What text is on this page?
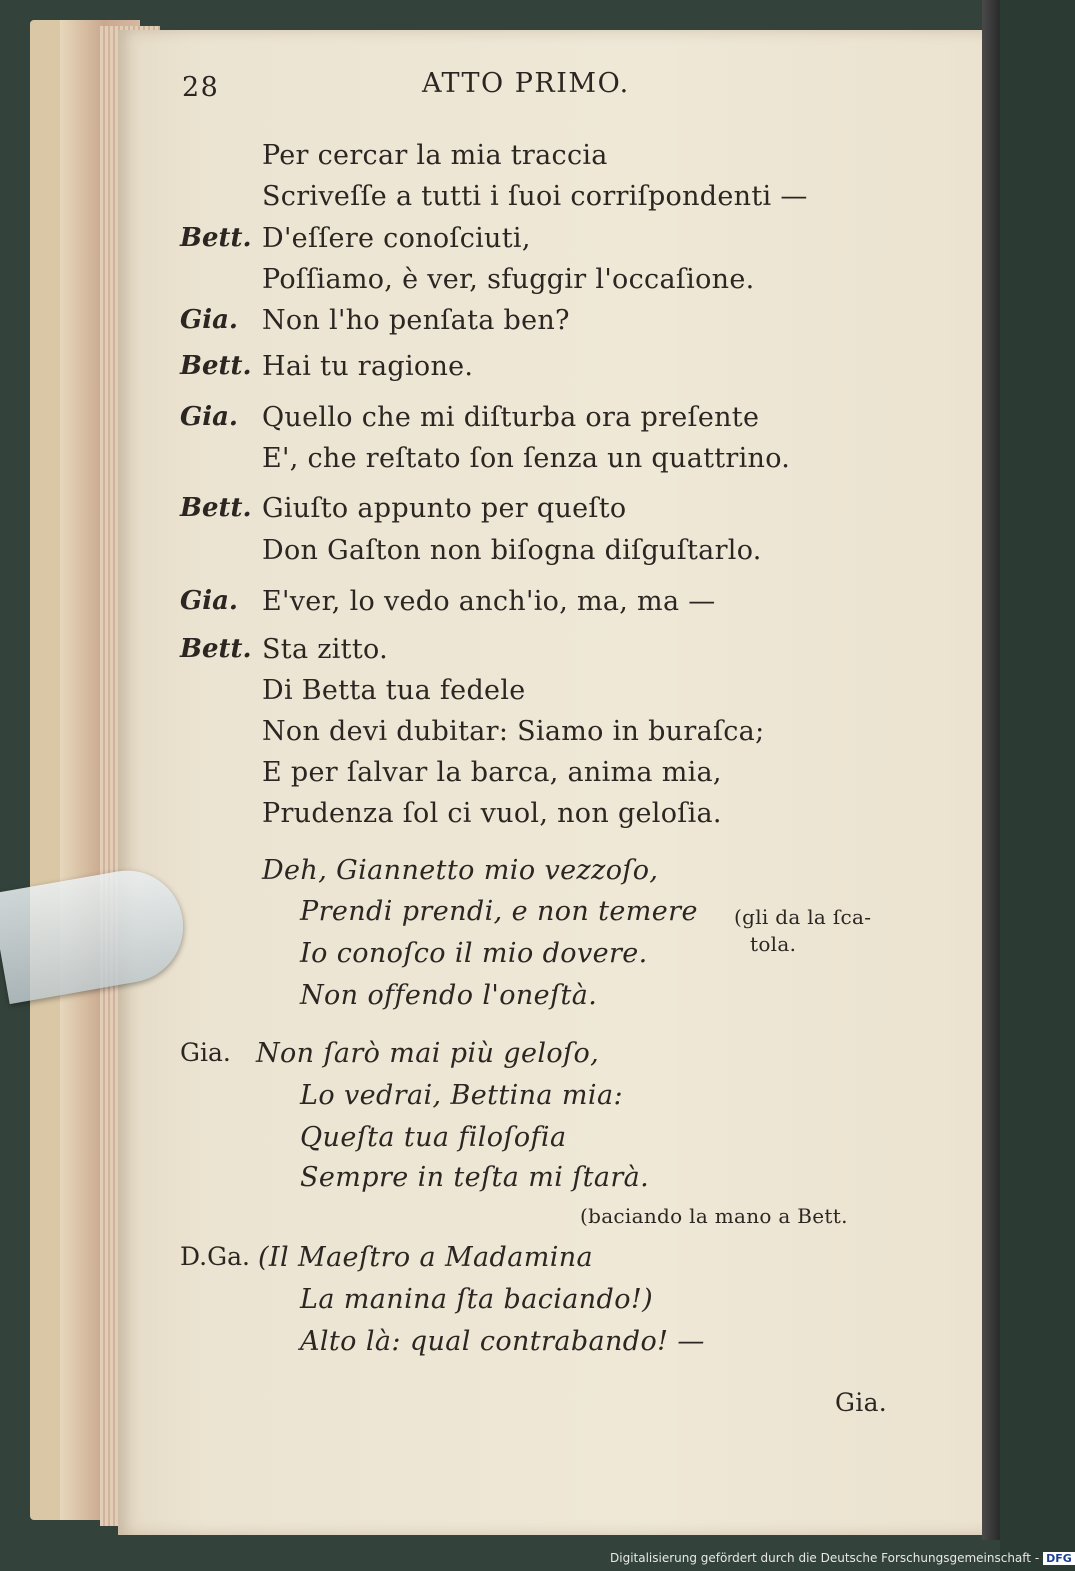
28	ATTO PRIMO.
Per cercar la mia traccia
Scriveſſe a tutti i ſuoi corriſpondenti —
Bett. D'eſſere conoſciuti,
Poſſiamo, è ver, sfuggir l'occaſione.
Gia. Non l'ho penſata ben?
Bett. Hai tu ragione.
Gia. Quello che mi diſturba ora preſente
E', che reſtato ſon ſenza un quattrino.
Bett. Giuſto appunto per queſto
Don Gaſton non biſogna diſguſtarlo.
Gia. E'ver, lo vedo anch'io, ma, ma —
Bett. Sta zitto.
Di Betta tua fedele
Non devi dubitar: Siamo in buraſca;
E per ſalvar la barca, anima mia,
Prudenza ſol ci vuol, non geloſia.
Deh, Giannetto mio vezzoſo,
Prendi prendi, e non temere (gli da la ſca-
tola.
Io conoſco il mio dovere.
Non offendo l'oneſtà.
Gia. Non ſarò mai più geloſo,
Lo vedrai, Bettina mia:
Queſta tua filoſofia
Sempre in teſta mi ſtarà.
(baciando la mano a Bett.
D.Ga. (Il Maeſtro a Madamina
La manina ſta baciando!)
Alto là: qual contrabando! —
Gia.
Digitalisierung gefördert durch die Deutsche Forschungsgemeinschaft - DFG
